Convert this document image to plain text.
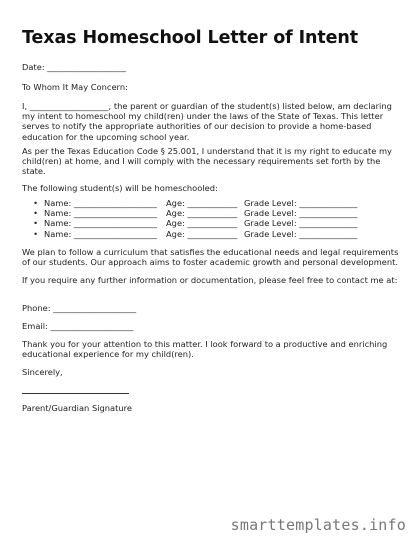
Texas Homeschool Letter of Intent

Date: ___________________

To Whom It May Concern:

I, ___________________, the parent or guardian of the student(s) listed below, am declaring my intent to homeschool my child(ren) under the laws of the State of Texas. This letter serves to notify the appropriate authorities of our decision to provide a home-based education for the upcoming school year.

As per the Texas Education Code § 25.001, I understand that it is my right to educate my child(ren) at home, and I will comply with the necessary requirements set forth by the state.

The following student(s) will be homeschooled:

• Name: ____________________	Age: ____________ Grade Level: ______________
• Name: ____________________	Age: ____________ Grade Level: ______________
• Name: ____________________	Age: ____________ Grade Level: ______________
• Name: ____________________	Age: ____________ Grade Level: ______________

We plan to follow a curriculum that satisfies the educational needs and legal requirements of our students. Our approach aims to foster academic growth and personal development.

If you require any further information or documentation, please feel free to contact me at:

Phone: ____________________

Email: ____________________

Thank you for your attention to this matter. I look forward to a productive and enriching educational experience for my child(ren).

Sincerely,

Parent/Guardian Signature

smarttemplates.info
